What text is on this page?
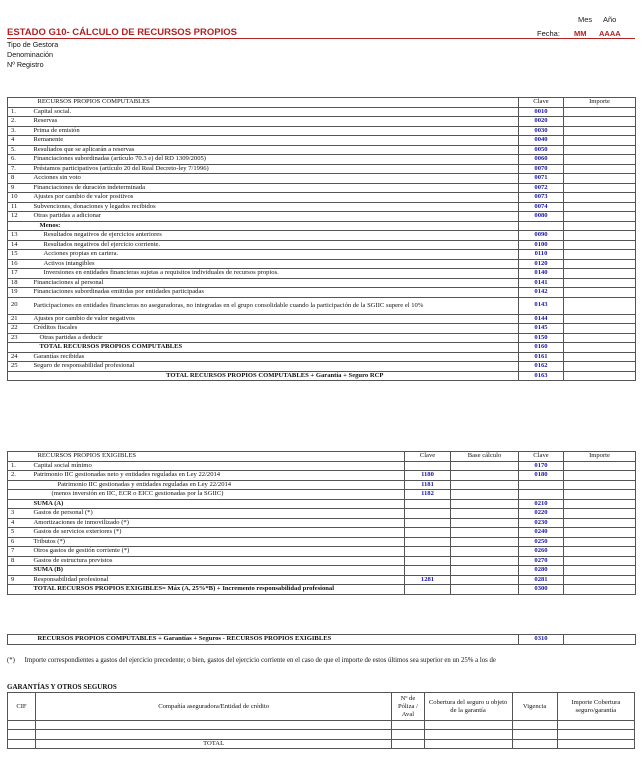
Mes Año
ESTADO G10- CÁLCULO DE RECURSOS PROPIOS	Fecha: MM AAAA
Tipo de Gestora
Denominación
Nº Registro
	RECURSOS PROPIOS COMPUTABLES	Clave	Importe
1.	Capital social.	0010	
2.	Reservas	0020	
3.	Prima de emisión	0030	
4	Remanente	0040	
5.	Resultados que se aplicarán a reservas	0050	
6.	Financiaciones subordinadas (artículo 70.3 e) del RD 1309/2005)	0060	
7.	Préstamos participativos (artículo 20 del Real Decreto-ley 7/1996)	0070	
8	Acciones sin voto	0071	
9	Financiaciones de duración indeterminada	0072	
10	Ajustes por cambio de valor positivos	0073	
11	Subvenciones, donaciones y legados recibidos	0074	
12	Otras partidas a adicionar	0080	
	Menos:		
13	Resultados negativos de ejercicios anteriores	0090	
14	Resultados negativos del ejercicio corriente.	0100	
15	Acciones propias en cartera.	0110	
16	Activos intangibles	0120	
17	Inversiones en entidades financieras sujetas a requisitos individuales de recursos propios.	0140	
18	Financiaciones al personal	0141	
19	Financiaciones subordinadas emitidas por entidades participadas	0142	
20	Participaciones en entidades financieras no aseguradoras, no integradas en el grupo consolidable cuando la participación de la SGIIC supere el 10%	0143	
21	Ajustes por cambio de valor negativos	0144	
22	Créditos fiscales	0145	
23	Otras partidas a deducir	0150	
	TOTAL RECURSOS PROPIOS COMPUTABLES	0160	
24	Garantías recibidas	0161	
25	Seguro de responsabilidad profesional	0162	
	TOTAL RECURSOS PROPIOS COMPUTABLES + Garantía + Seguro RCP	0163	
	RECURSOS PROPIOS EXIGIBLES	Clave	Base cálculo	Clave	Importe
1.	Capital social mínimo			0170	
2.	Patrimonio IIC gestionadas neto y entidades reguladas en Ley 22/2014	1180		0180	
	Patrimonio IIC gestionadas y entidades reguladas en Ley 22/2014	1181			
	(menos inversión en IIC, ECR o EICC gestionadas por la SGIIC)	1182			
	SUMA (A)			0210	
3	Gastos de personal (*)			0220	
4	Amortizaciones de inmovilizado (*)			0230	
5	Gastos de servicios exteriores (*)			0240	
6	Tributos (*)			0250	
7	Otros gastos de gestión corriente (*)			0260	
8	Gastos de estructura previstos			0270	
	SUMA (B)			0280	
9	Responsabilidad profesional	1281		0281	
	TOTAL RECURSOS PROPIOS EXIGIBLES= Máx (A, 25%*B) + Incremento responsabilidad profesional			0300	
	RECURSOS PROPIOS COMPUTABLES + Garantías + Seguros - RECURSOS PROPIOS EXIGIBLES	0310	
(*) Importe correspondientes a gastos del ejercicio precedente; o bien, gastos del ejercicio corriente en el caso de que el importe de estos últimos sea superior en un 25% a los de
GARANTÍAS Y OTROS SEGUROS
CIF	Compañía aseguradora/Entidad de crédito	Nº de Póliza / Aval	Cobertura del seguro u objeto de la garantía	Vigencia	Importe Cobertura seguro/garantía

	TOTAL				
